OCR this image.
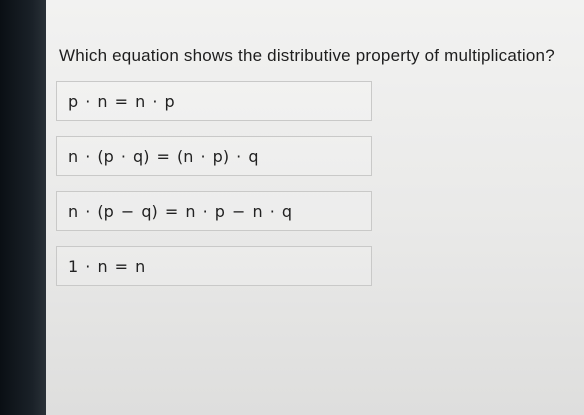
Which equation shows the distributive property of multiplication?
p · n = n · p
n · (p · q) = (n · p) · q
n · (p − q) = n · p − n · q
1 · n = n
